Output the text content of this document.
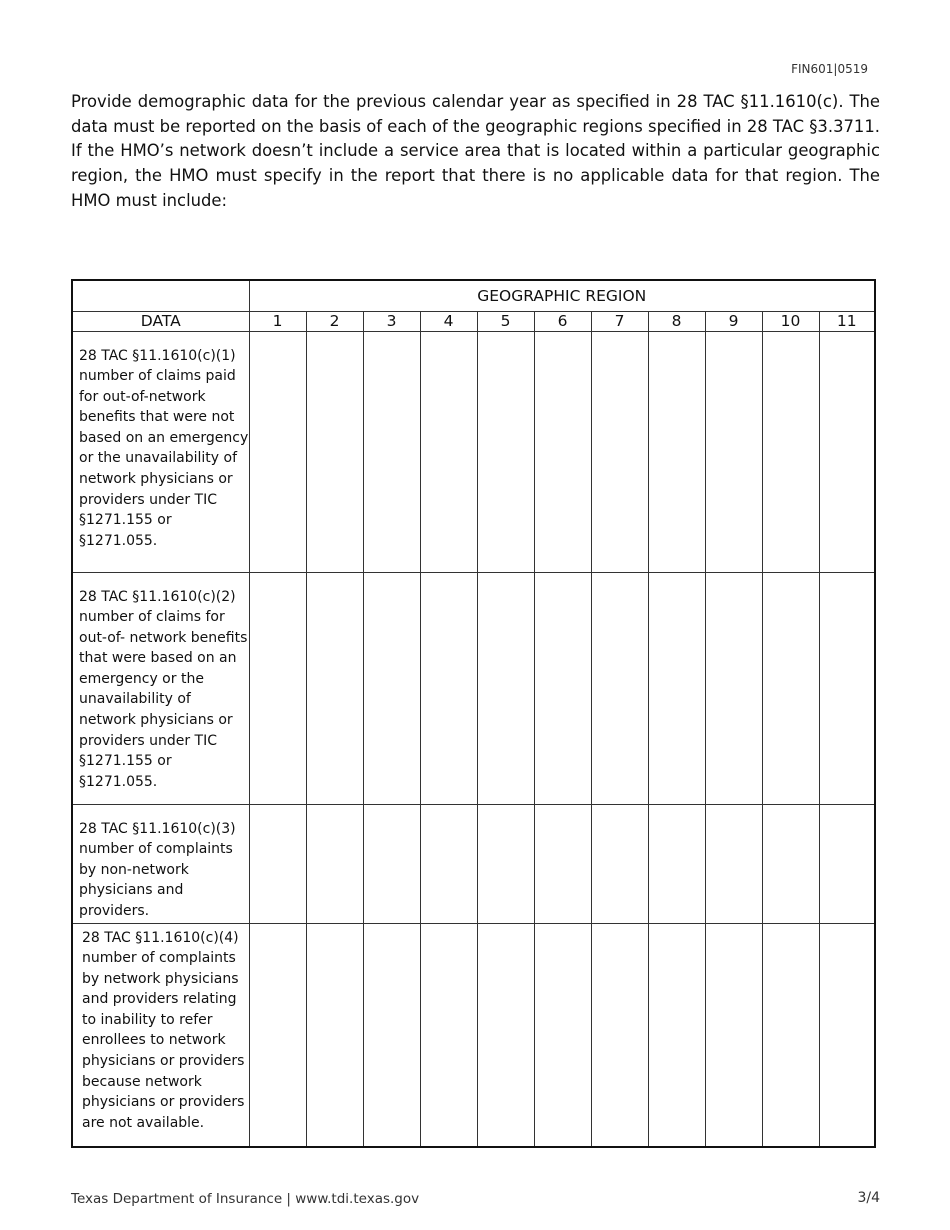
FIN601|0519

Provide demographic data for the previous calendar year as specified in 28 TAC §11.1610(c). The data must be reported on the basis of each of the geographic regions specified in 28 TAC §3.3711. If the HMO’s network doesn’t include a service area that is located within a particular geographic region, the HMO must specify in the report that there is no applicable data for that region. The HMO must include:

	GEOGRAPHIC REGION										
DATA	1	2	3	4	5	6	7	8	9	10	11
28 TAC §11.1610(c)(1) number of claims paid for out-of-network benefits that were not based on an emergency or the unavailability of network physicians or providers under TIC §1271.155 or §1271.055.											
28 TAC §11.1610(c)(2) number of claims for out-of- network benefits that were based on an emergency or the unavailability of network physicians or providers under TIC §1271.155 or §1271.055.											
28 TAC §11.1610(c)(3) number of complaints by non-network physicians and providers.											
28 TAC §11.1610(c)(4) number of complaints by network physicians and providers relating to inability to refer enrollees to network physicians or providers because network physicians or providers are not available.											
Texas Department of Insurance | www.tdi.texas.gov	3/4
